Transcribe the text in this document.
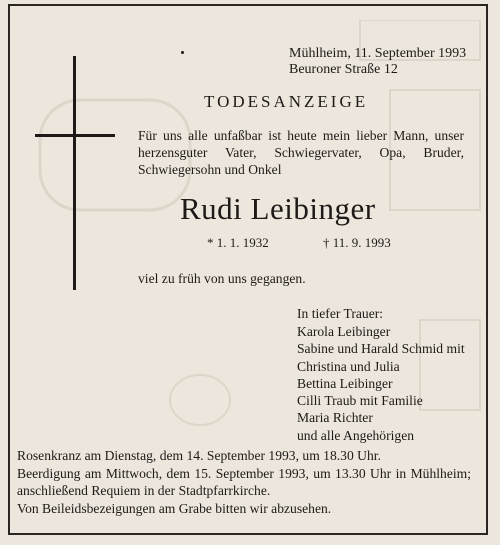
Mühlheim, 11. September 1993
Beuroner Straße 12
TODESANZEIGE
Für uns alle unfaßbar ist heute mein lieber Mann, unser herzensguter Vater, Schwiegervater, Opa, Bruder, Schwiegersohn und Onkel
Rudi Leibinger
* 1. 1. 1932	† 11. 9. 1993
viel zu früh von uns gegangen.
In tiefer Trauer:
Karola Leibinger
Sabine und Harald Schmid mit
Christina und Julia
Bettina Leibinger
Cilli Traub mit Familie
Maria Richter
und alle Angehörigen
Rosenkranz am Dienstag, dem 14. September 1993, um 18.30 Uhr.
Beerdigung am Mittwoch, dem 15. September 1993, um 13.30 Uhr in Mühlheim; anschließend Requiem in der Stadtpfarrkirche.
Von Beileidsbezeigungen am Grabe bitten wir abzusehen.
